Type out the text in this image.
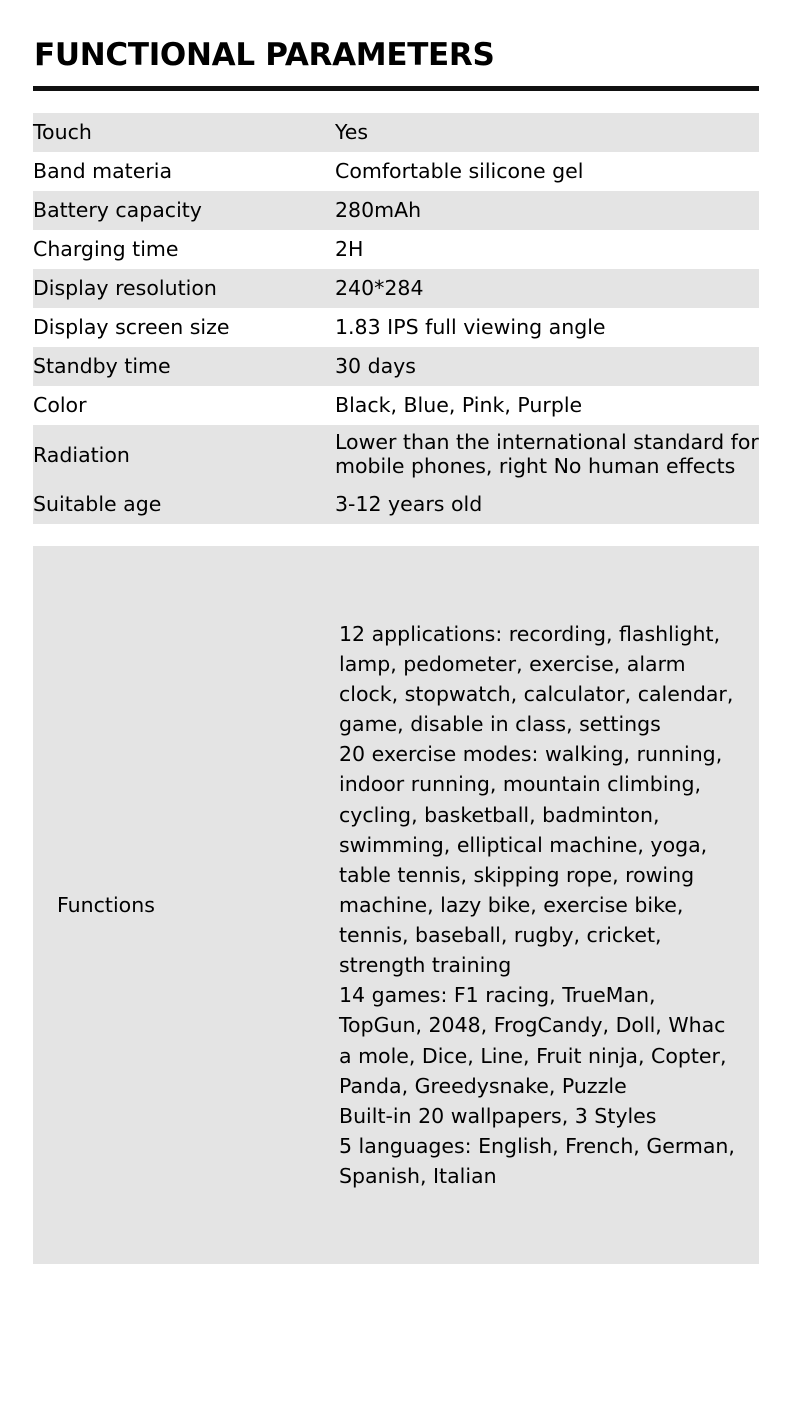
FUNCTIONAL PARAMETERS
Touch	Yes
Band materia	Comfortable silicone gel
Battery capacity	280mAh
Charging time	2H
Display resolution	240*284
Display screen size	1.83 IPS full viewing angle
Standby time	30 days
Color	Black, Blue, Pink, Purple
Radiation	Lower than the international standard for mobile phones, right No human effects
Suitable age	3-12 years old
Functions

12 applications: recording, flashlight, lamp, pedometer, exercise, alarm clock, stopwatch, calculator, calendar, game, disable in class, settings

20 exercise modes: walking, running, indoor running, mountain climbing, cycling, basketball, badminton, swimming, elliptical machine, yoga, table tennis, skipping rope, rowing machine, lazy bike, exercise bike, tennis, baseball, rugby, cricket, strength training

14 games: F1 racing, TrueMan, TopGun, 2048, FrogCandy, Doll, Whac a mole, Dice, Line, Fruit ninja, Copter, Panda, Greedysnake, Puzzle

Built-in 20 wallpapers, 3 Styles

5 languages: English, French, German, Spanish, Italian
